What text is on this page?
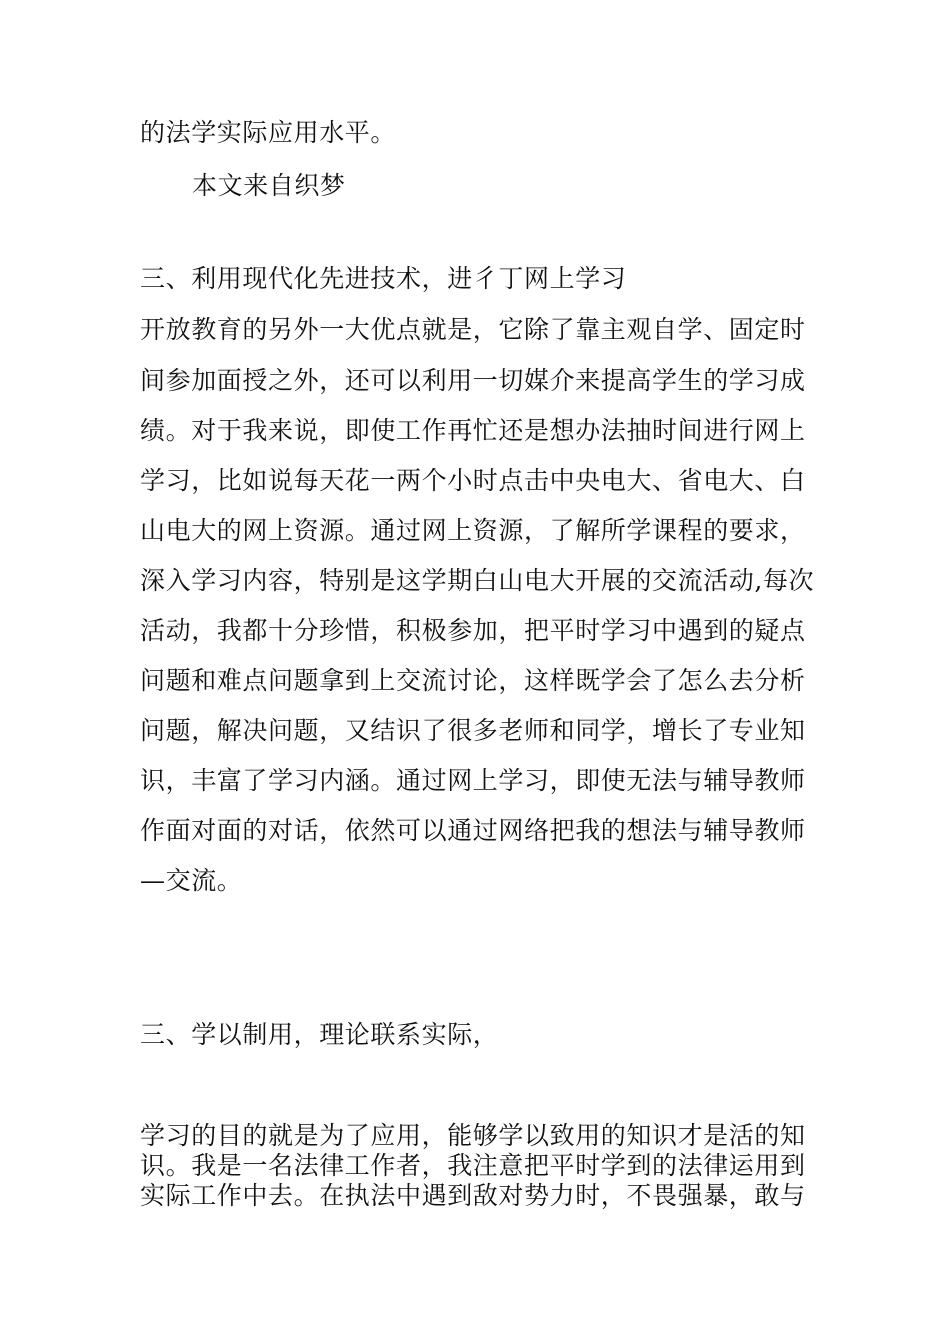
的法学实际应用水平。

本文来自织梦

三、利用现代化先进技术，进彳丁网上学习

开放教育的另外一大优点就是，它除了靠主观自学、固定时

间参加面授之外，还可以利用一切媒介来提高学生的学习成

绩。对于我来说，即使工作再忙还是想办法抽时间进行网上

学习，比如说每天花一两个小时点击中央电大、省电大、白

山电大的网上资源。通过网上资源，了解所学课程的要求，

深入学习内容，特别是这学期白山电大开展的交流活动,每次

活动，我都十分珍惜，积极参加，把平时学习中遇到的疑点

问题和难点问题拿到上交流讨论，这样既学会了怎么去分析

问题，解决问题，又结识了很多老师和同学，增长了专业知

识，丰富了学习内涵。通过网上学习，即使无法与辅导教师

作面对面的对话，依然可以通过网络把我的想法与辅导教师

—交流。

三、学以制用，理论联系实际，

学习的目的就是为了应用，能够学以致用的知识才是活的知

识。我是一名法律工作者，我注意把平时学到的法律运用到

实际工作中去。在执法中遇到敌对势力时，不畏强暴，敢与
